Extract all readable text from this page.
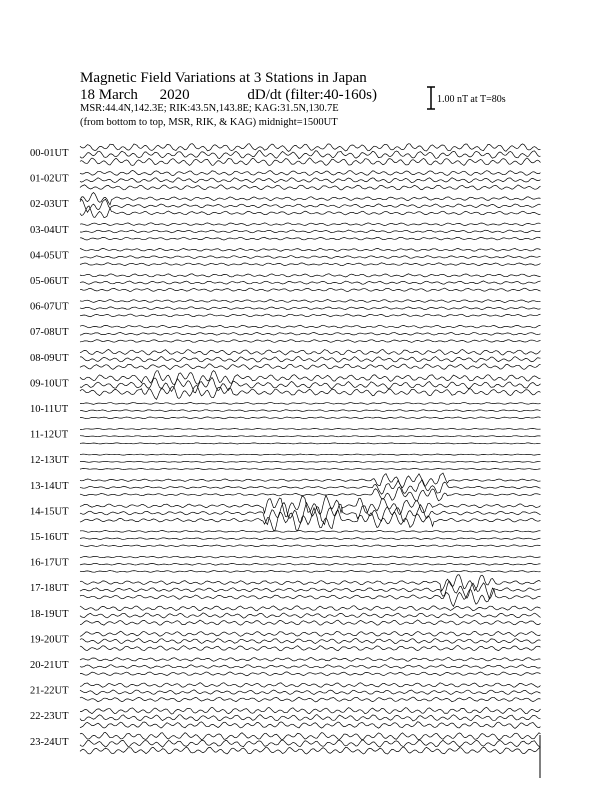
Magnetic Field Variations at 3 Stations in Japan
18 March 2020	dD/dt (filter:40-160s)
MSR:44.4N,142.3E; RIK:43.5N,143.8E; KAG:31.5N,130.7E
(from bottom to top, MSR, RIK, & KAG) midnight=1500UT
1.00 nT at T=80s
00-01UT
01-02UT
02-03UT
03-04UT
04-05UT
05-06UT
06-07UT
07-08UT
08-09UT
09-10UT
10-11UT
11-12UT
12-13UT
13-14UT
14-15UT
15-16UT
16-17UT
17-18UT
18-19UT
19-20UT
20-21UT
21-22UT
22-23UT
23-24UT
